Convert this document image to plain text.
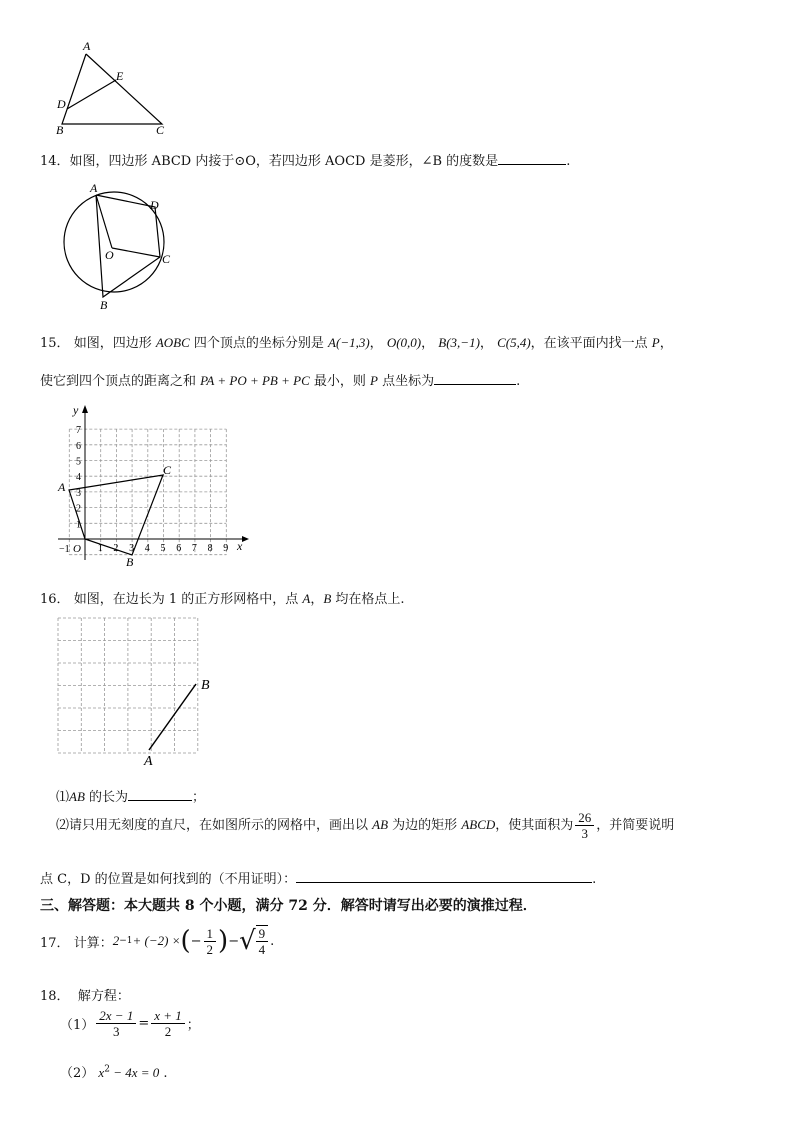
A
E
D
B	C
14．如图，四边形 ABCD 内接于⊙O，若四边形 AOCD 是菱形，∠B 的度数是	.
A
D
O	C
B
15． 如图，四边形 AOBC 四个顶点的坐标分别是 A(−1,3)， O(0,0)， B(3,−1)， C(5,4)，在该平面内找一点 P，
使它到四个顶点的距离之和 PA + PO + PB + PC 最小，则 P 点坐标为	.
y
x
O
−1	1 2 3 4 5 6 7 8 9
1
2
3
4
5
6
7
A
B
C
16． 如图，在边长为 1 的正方形网格中，点 A，B 均在格点上.
A
B
⑴AB 的长为	；
⑵请只用无刻度的直尺，在如图所示的网格中，画出以 AB 为边的矩形 ABCD，使其面积为 $\frac{26}{3}$ ，并简要说明
点 C，D 的位置是如何找到的（不用证明）：	.
三、解答题：本大题共 8 个小题，满分 72 分．解答时请写出必要的演推过程．
17．
计算： 2 −1 + (−2) × ( − $\frac{1}{2}$ ) − √ $\frac{9}{4}$ .
18． 解方程：
$(1) \frac{2x - 1}{3} = \frac{x + 1}{2}$ ；
（2） $x^2 - 4x = 0$ .
